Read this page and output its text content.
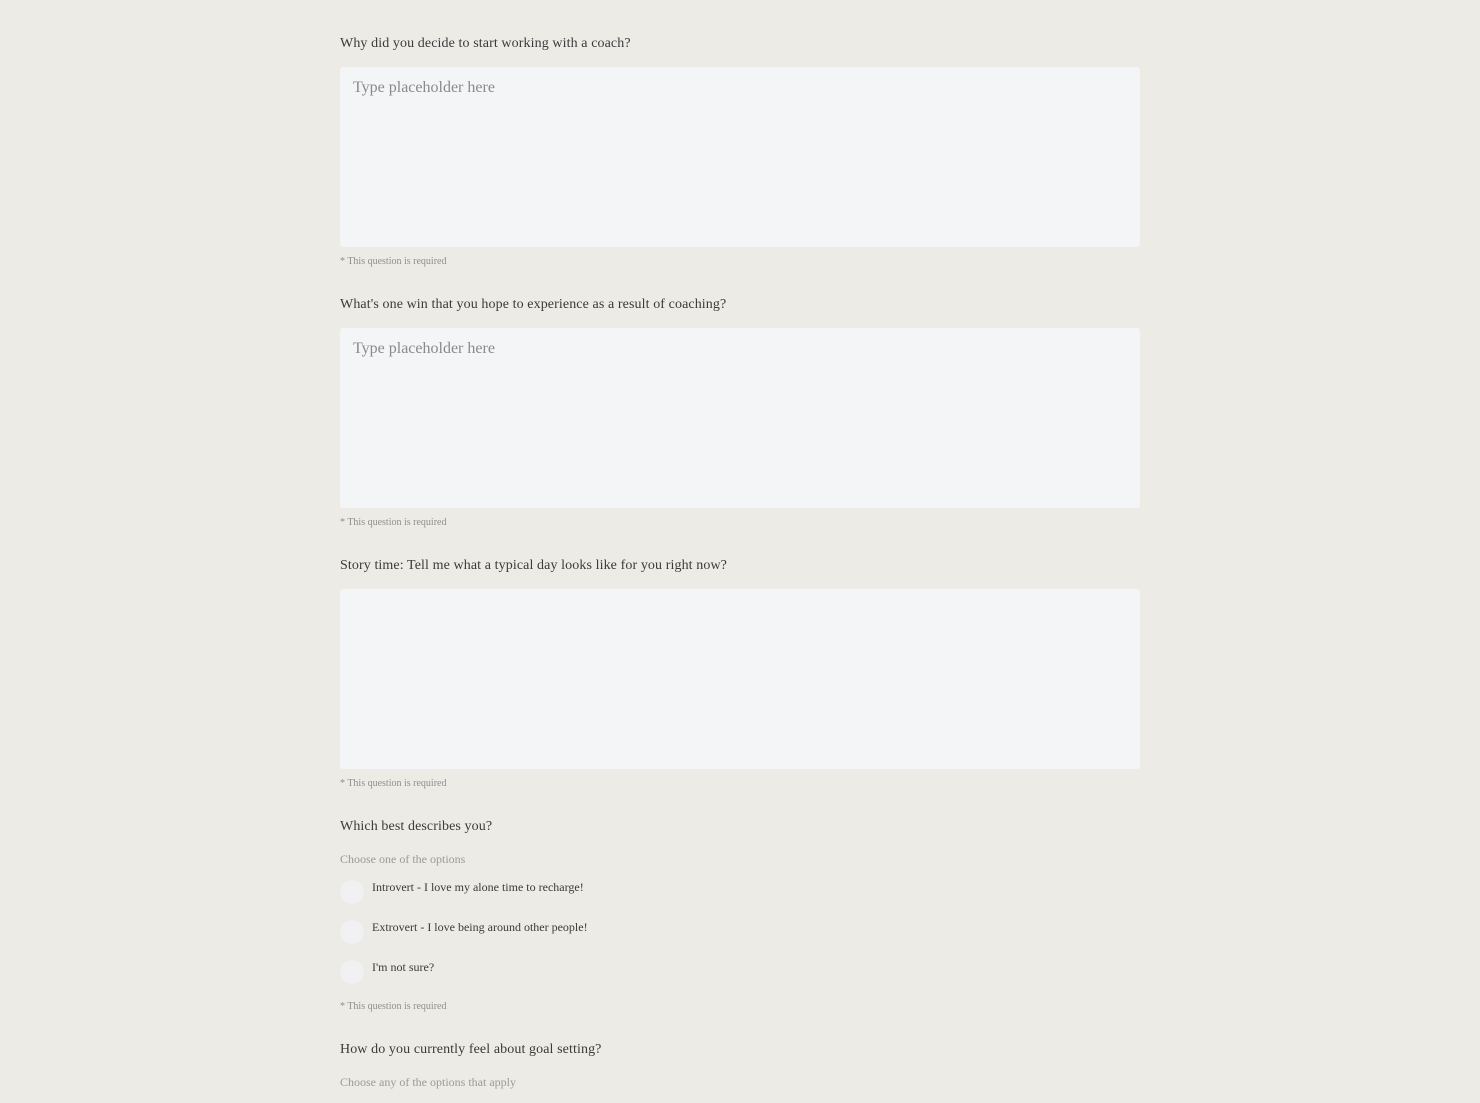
Why did you decide to start working with a coach?
Type placeholder here
* This question is required
What's one win that you hope to experience as a result of coaching?
Type placeholder here
* This question is required
Story time: Tell me what a typical day looks like for you right now?
* This question is required
Which best describes you?
Choose one of the options
Introvert - I love my alone time to recharge!
Extrovert - I love being around other people!
I'm not sure?
* This question is required
How do you currently feel about goal setting?
Choose any of the options that apply
